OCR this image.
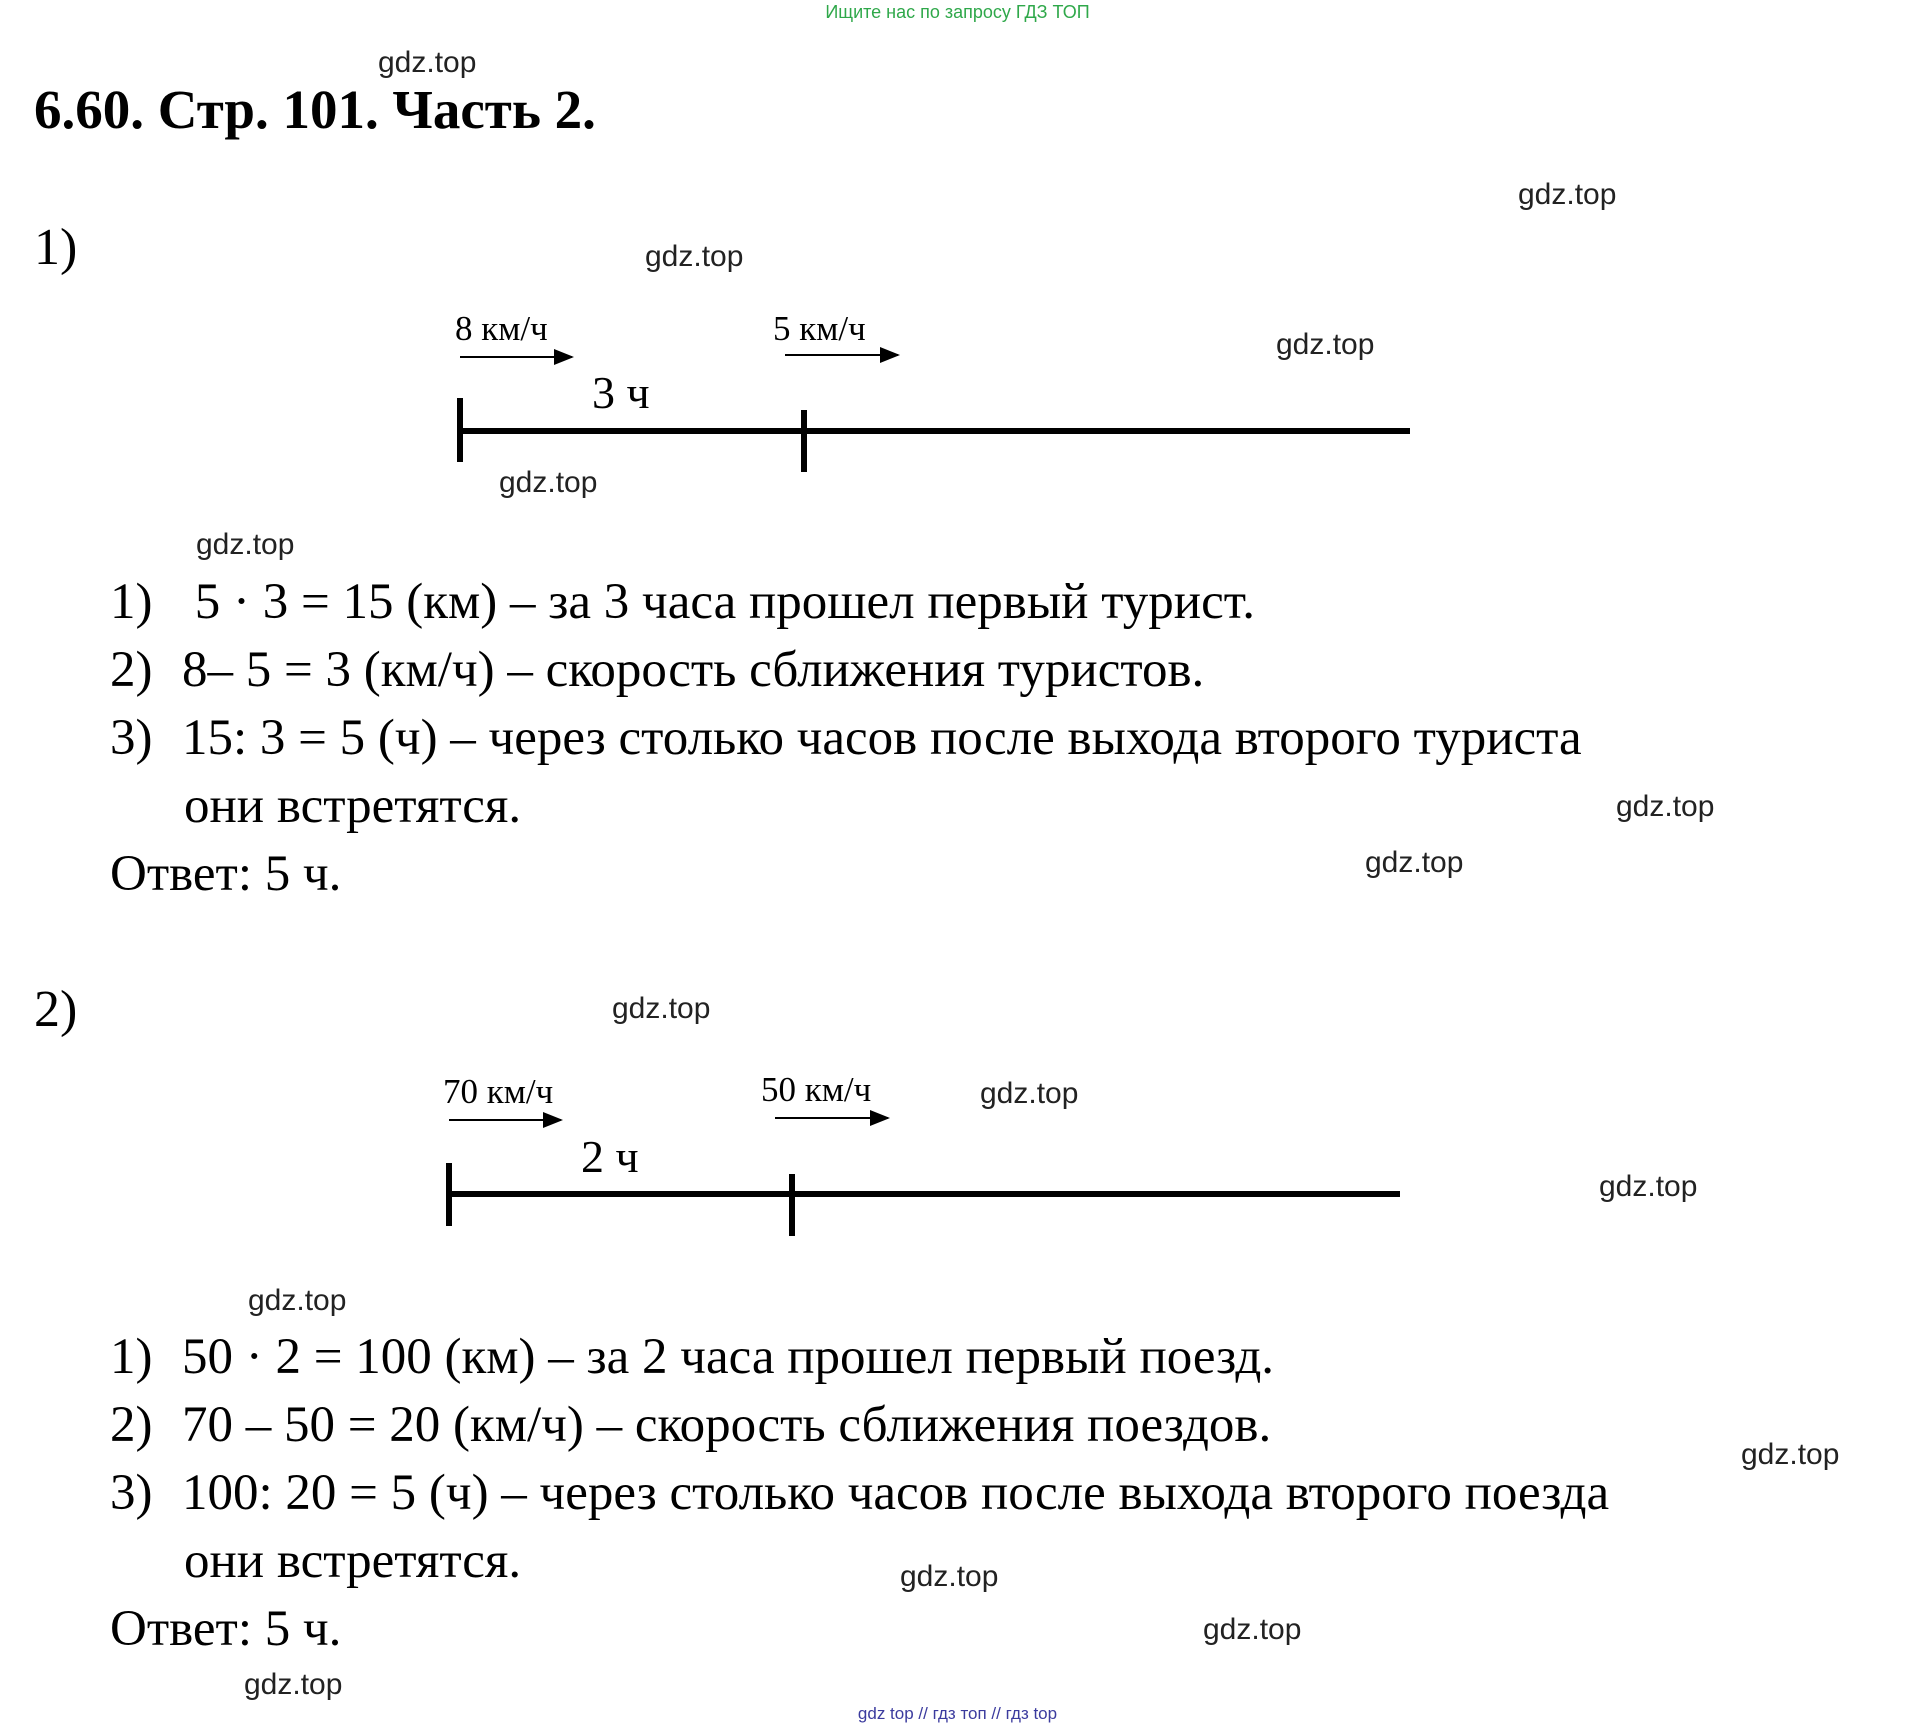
Ищите нас по запросу ГДЗ ТОП
gdz top // гдз топ // гдз top
6.60. Стр. 101. Часть 2.
gdz.top
gdz.top
gdz.top
gdz.top
gdz.top
gdz.top
gdz.top
gdz.top
gdz.top
gdz.top
gdz.top
gdz.top
gdz.top
gdz.top
gdz.top
gdz.top
1)
8 км/ч	5 км/ч
3 ч
70 км/ч	50 км/ч
2 ч
1) 5 · 3 = 15 (км) – за 3 часа прошел первый турист.
2) 8– 5 = 3 (км/ч) – скорость сближения туристов.
3) 15: 3 = 5 (ч) – через столько часов после выхода второго туриста
они встретятся.
Ответ: 5 ч.
2)
1) 50 · 2 = 100 (км) – за 2 часа прошел первый поезд.
2) 70 – 50 = 20 (км/ч) – скорость сближения поездов.
3) 100: 20 = 5 (ч) – через столько часов после выхода второго поезда
они встретятся.
Ответ: 5 ч.
